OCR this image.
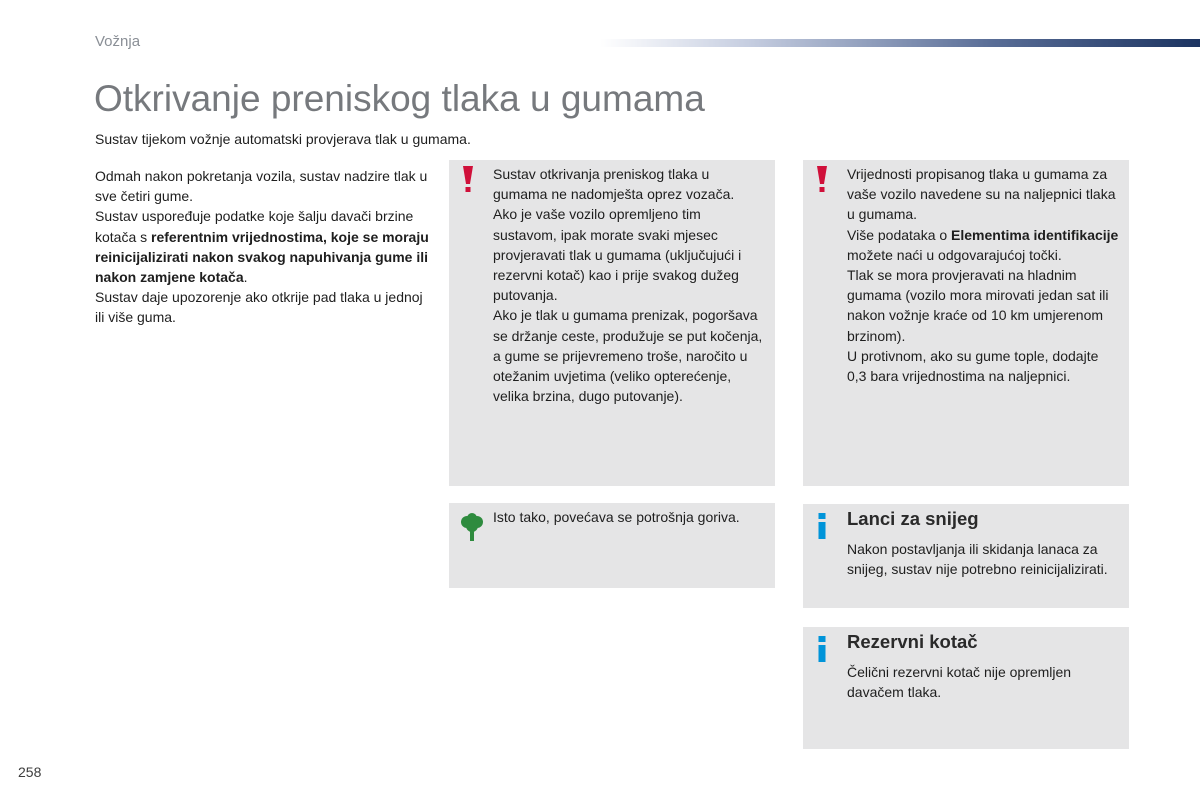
Vožnja
Otkrivanje preniskog tlaka u gumama
Sustav tijekom vožnje automatski provjerava tlak u gumama.

Odmah nakon pokretanja vozila, sustav nadzire tlak u sve četiri gume.

Sustav uspoređuje podatke koje šalju davači brzine kotača s referentnim vrijednostima, koje se moraju reinicijalizirati nakon svakog napuhivanja gume ili nakon zamjene kotača.

Sustav daje upozorenje ako otkrije pad tlaka u jednoj ili više guma.

Sustav otkrivanja preniskog tlaka u gumama ne nadomješta oprez vozača.

Ako je vaše vozilo opremljeno tim sustavom, ipak morate svaki mjesec provjeravati tlak u gumama (uključujući i rezervni kotač) kao i prije svakog dužeg putovanja.

Ako je tlak u gumama prenizak, pogoršava se držanje ceste, produžuje se put kočenja, a gume se prijevremeno troše, naročito u otežanim uvjetima (veliko opterećenje, velika brzina, dugo putovanje).

Vrijednosti propisanog tlaka u gumama za vaše vozilo navedene su na naljepnici tlaka u gumama.

Više podataka o Elementima identifikacije možete naći u odgovarajućoj točki.

Tlak se mora provjeravati na hladnim gumama (vozilo mora mirovati jedan sat ili nakon vožnje kraće od 10 km umjerenom brzinom).

U protivnom, ako su gume tople, dodajte 0,3 bara vrijednostima na naljepnici.

Isto tako, povećava se potrošnja goriva.	Lanci za snijeg
Nakon postavljanja ili skidanja lanaca za snijeg, sustav nije potrebno reinicijalizirati.
Rezervni kotač
Čelični rezervni kotač nije opremljen davačem tlaka.
258
